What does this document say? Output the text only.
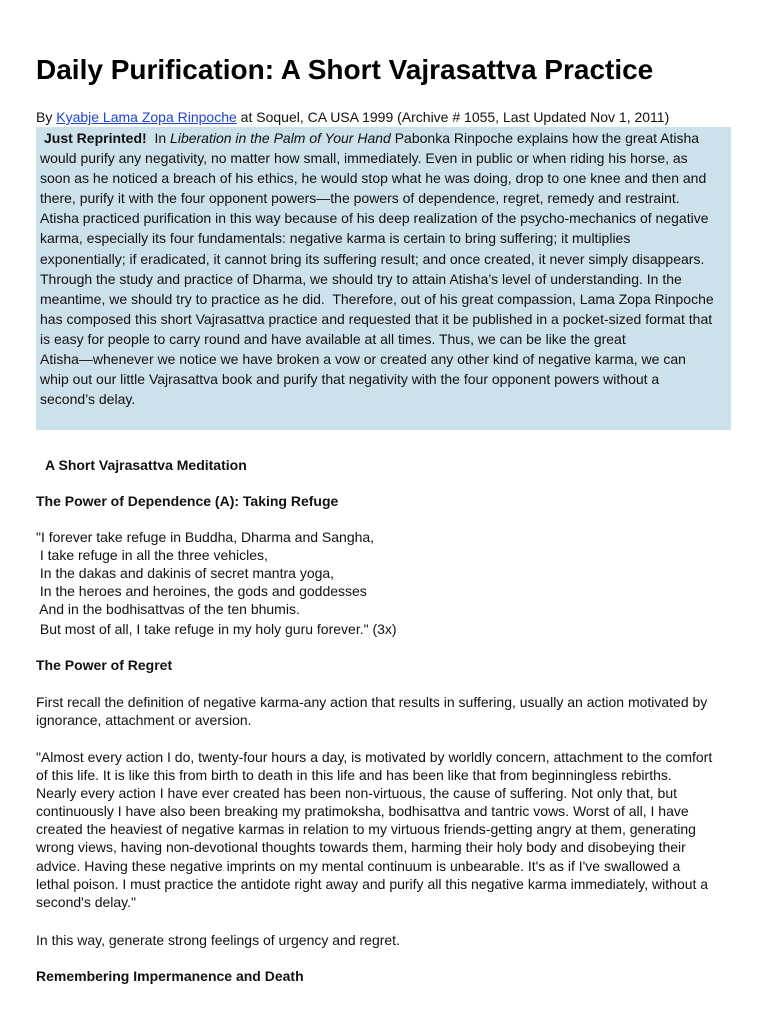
Daily Purification: A Short Vajrasattva Practice
By Kyabje Lama Zopa Rinpoche at Soquel, CA USA 1999 (Archive # 1055, Last Updated Nov 1, 2011)
Just Reprinted!  In Liberation in the Palm of Your Hand Pabonka Rinpoche explains how the great Atisha
would purify any negativity, no matter how small, immediately. Even in public or when riding his horse, as
soon as he noticed a breach of his ethics, he would stop what he was doing, drop to one knee and then and
there, purify it with the four opponent powers—the powers of dependence, regret, remedy and restraint.
Atisha practiced purification in this way because of his deep realization of the psycho-mechanics of negative
karma, especially its four fundamentals: negative karma is certain to bring suffering; it multiplies
exponentially; if eradicated, it cannot bring its suffering result; and once created, it never simply disappears.
Through the study and practice of Dharma, we should try to attain Atisha’s level of understanding. In the
meantime, we should try to practice as he did.  Therefore, out of his great compassion, Lama Zopa Rinpoche
has composed this short Vajrasattva practice and requested that it be published in a pocket-sized format that
is easy for people to carry round and have available at all times. Thus, we can be like the great
Atisha—whenever we notice we have broken a vow or created any other kind of negative karma, we can
whip out our little Vajrasattva book and purify that negativity with the four opponent powers without a
second’s delay.
A Short Vajrasattva Meditation
The Power of Dependence (A): Taking Refuge
"I forever take refuge in Buddha, Dharma and Sangha,
I take refuge in all the three vehicles,
In the dakas and dakinis of secret mantra yoga,
In the heroes and heroines, the gods and goddesses
And in the bodhisattvas of the ten bhumis.
But most of all, I take refuge in my holy guru forever." (3x)
The Power of Regret
First recall the definition of negative karma-any action that results in suffering, usually an action motivated by
ignorance, attachment or aversion.
"Almost every action I do, twenty-four hours a day, is motivated by worldly concern, attachment to the comfort
of this life. It is like this from birth to death in this life and has been like that from beginningless rebirths.
Nearly every action I have ever created has been non-virtuous, the cause of suffering. Not only that, but
continuously I have also been breaking my pratimoksha, bodhisattva and tantric vows. Worst of all, I have
created the heaviest of negative karmas in relation to my virtuous friends-getting angry at them, generating
wrong views, having non-devotional thoughts towards them, harming their holy body and disobeying their
advice. Having these negative imprints on my mental continuum is unbearable. It's as if I've swallowed a
lethal poison. I must practice the antidote right away and purify all this negative karma immediately, without a
second's delay."
In this way, generate strong feelings of urgency and regret.
Remembering Impermanence and Death
